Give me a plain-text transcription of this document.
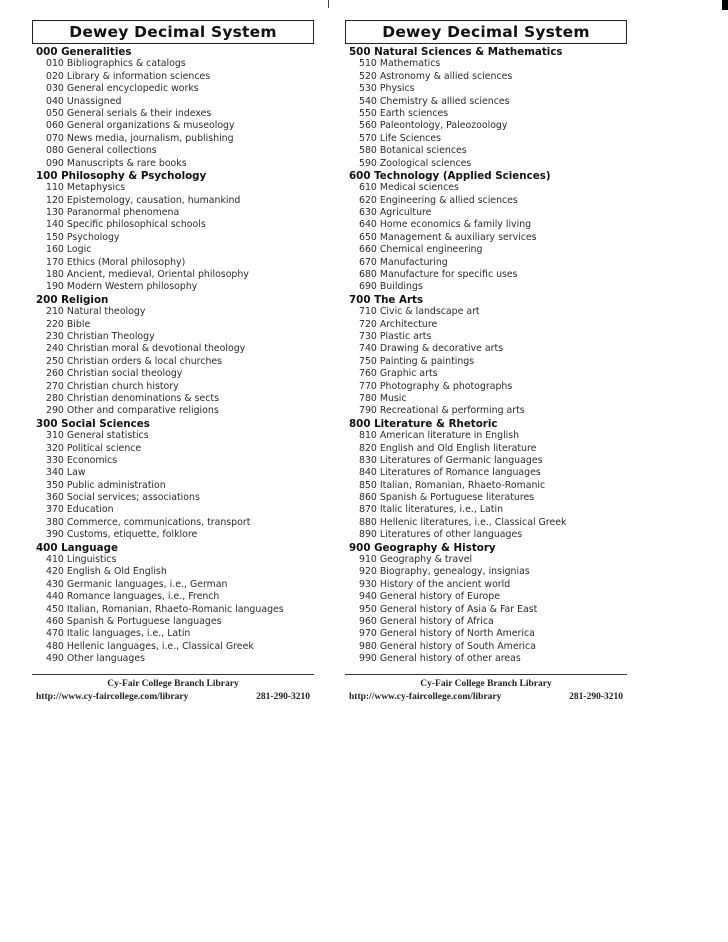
Dewey Decimal System
000 Generalities
010 Bibliographics & catalogs
020 Library & information sciences
030 General encyclopedic works
040 Unassigned
050 General serials & their indexes
060 General organizations & museology
070 News media, journalism, publishing
080 General collections
090 Manuscripts & rare books
100 Philosophy & Psychology
110 Metaphysics
120 Epistemology, causation, humankind
130 Paranormal phenomena
140 Specific philosophical schools
150 Psychology
160 Logic
170 Ethics (Moral philosophy)
180 Ancient, medieval, Oriental philosophy
190 Modern Western philosophy
200 Religion
210 Natural theology
220 Bible
230 Christian Theology
240 Christian moral & devotional theology
250 Christian orders & local churches
260 Christian social theology
270 Christian church history
280 Christian denominations & sects
290 Other and comparative religions
300 Social Sciences
310 General statistics
320 Political science
330 Economics
340 Law
350 Public administration
360 Social services; associations
370 Education
380 Commerce, communications, transport
390 Customs, etiquette, folklore
400 Language
410 Linguistics
420 English & Old English
430 Germanic languages, i.e., German
440 Romance languages, i.e., French
450 Italian, Romanian, Rhaeto-Romanic languages
460 Spanish & Portuguese languages
470 Italic languages, i.e., Latin
480 Hellenic languages, i.e., Classical Greek
490 Other languages
Cy-Fair College Branch Library
http://www.cy-faircollege.com/library	281-290-3210
Dewey Decimal System
500 Natural Sciences & Mathematics
510 Mathematics
520 Astronomy & allied sciences
530 Physics
540 Chemistry & allied sciences
550 Earth sciences
560 Paleontology, Paleozoology
570 Life Sciences
580 Botanical sciences
590 Zoological sciences
600 Technology (Applied Sciences)
610 Medical sciences
620 Engineering & allied sciences
630 Agriculture
640 Home economics & family living
650 Management & auxiliary services
660 Chemical engineering
670 Manufacturing
680 Manufacture for specific uses
690 Buildings
700 The Arts
710 Civic & landscape art
720 Architecture
730 Plastic arts
740 Drawing & decorative arts
750 Painting & paintings
760 Graphic arts
770 Photography & photographs
780 Music
790 Recreational & performing arts
800 Literature & Rhetoric
810 American literature in English
820 English and Old English literature
830 Literatures of Germanic languages
840 Literatures of Romance languages
850 Italian, Romanian, Rhaeto-Romanic
860 Spanish & Portuguese literatures
870 Italic literatures, i.e., Latin
880 Hellenic literatures, i.e., Classical Greek
890 Literatures of other languages
900 Geography & History
910 Geography & travel
920 Biography, genealogy, insignias
930 History of the ancient world
940 General history of Europe
950 General history of Asia & Far East
960 General history of Africa
970 General history of North America
980 General history of South America
990 General history of other areas
Cy-Fair College Branch Library
http://www.cy-faircollege.com/library	281-290-3210
